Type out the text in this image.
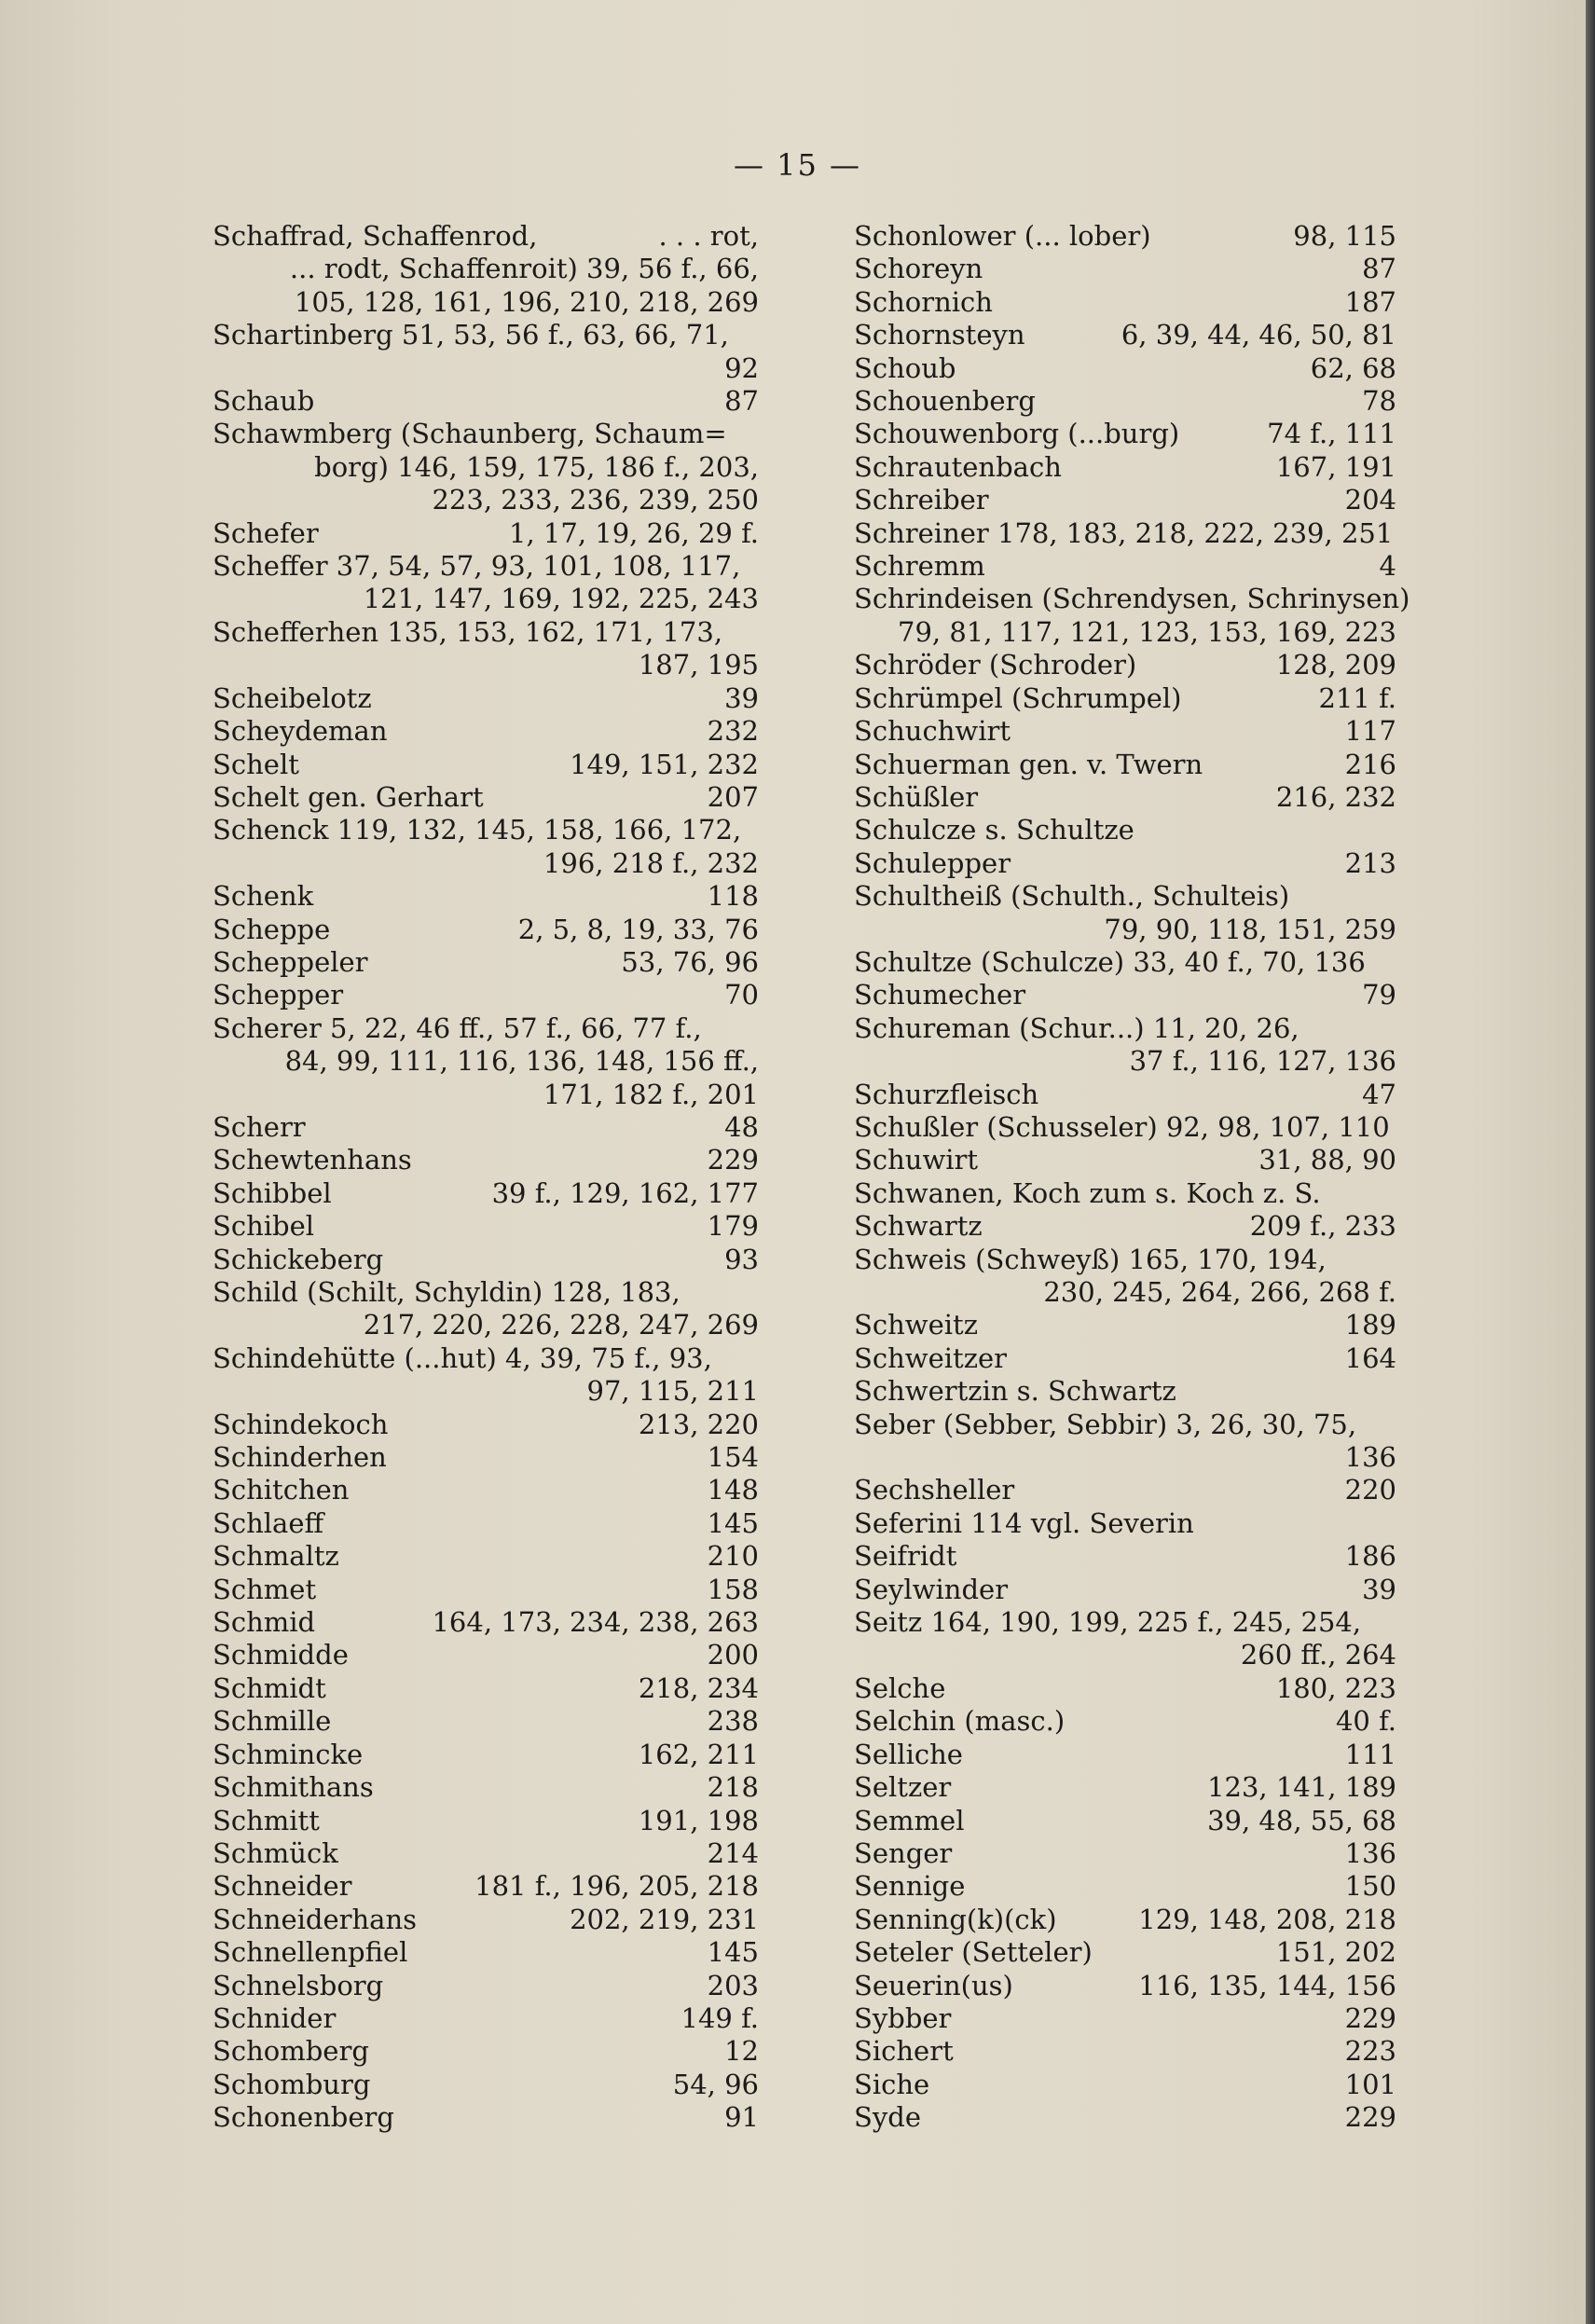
— 15 —
Schaffrad, Schaffenrod,	. . . rot,
... rodt, Schaffenroit) 39, 56 f., 66,
105, 128, 161, 196, 210, 218, 269
Schartinberg 51, 53, 56 f., 63, 66, 71,
92
Schaub	87
Schawmberg (Schaunberg, Schaum=
borg) 146, 159, 175, 186 f., 203,
223, 233, 236, 239, 250
Schefer	1, 17, 19, 26, 29 f.
Scheffer 37, 54, 57, 93, 101, 108, 117,
121, 147, 169, 192, 225, 243
Schefferhen 135, 153, 162, 171, 173,
187, 195
Scheibelotz	39
Scheydeman	232
Schelt	149, 151, 232
Schelt gen. Gerhart	207
Schenck 119, 132, 145, 158, 166, 172,
196, 218 f., 232
Schenk	118
Scheppe	2, 5, 8, 19, 33, 76
Scheppeler	53, 76, 96
Schepper	70
Scherer 5, 22, 46 ff., 57 f., 66, 77 f.,
84, 99, 111, 116, 136, 148, 156 ff.,
171, 182 f., 201
Scherr	48
Schewtenhans	229
Schibbel	39 f., 129, 162, 177
Schibel	179
Schickeberg	93
Schild (Schilt, Schyldin) 128, 183,
217, 220, 226, 228, 247, 269
Schindehütte (...hut) 4, 39, 75 f., 93,
97, 115, 211
Schindekoch	213, 220
Schinderhen	154
Schitchen	148
Schlaeff	145
Schmaltz	210
Schmet	158
Schmid	164, 173, 234, 238, 263
Schmidde	200
Schmidt	218, 234
Schmille	238
Schmincke	162, 211
Schmithans	218
Schmitt	191, 198
Schmück	214
Schneider	181 f., 196, 205, 218
Schneiderhans	202, 219, 231
Schnellenpfiel	145
Schnelsborg	203
Schnider	149 f.
Schomberg	12
Schomburg	54, 96
Schonenberg	91
Schonlower (... lober)	98, 115
Schoreyn	87
Schornich	187
Schornsteyn	6, 39, 44, 46, 50, 81
Schoub	62, 68
Schouenberg	78
Schouwenborg (...burg)	74 f., 111
Schrautenbach	167, 191
Schreiber	204
Schreiner 178, 183, 218, 222, 239, 251
Schremm	4
Schrindeisen (Schrendysen, Schrinysen)
79, 81, 117, 121, 123, 153, 169, 223
Schröder (Schroder)	128, 209
Schrümpel (Schrumpel)	211 f.
Schuchwirt	117
Schuerman gen. v. Twern	216
Schüßler	216, 232
Schulcze s. Schultze
Schulepper	213
Schultheiß (Schulth., Schulteis)
79, 90, 118, 151, 259
Schultze (Schulcze) 33, 40 f., 70, 136
Schumecher	79
Schureman (Schur...) 11, 20, 26,
37 f., 116, 127, 136
Schurzfleisch	47
Schußler (Schusseler) 92, 98, 107, 110
Schuwirt	31, 88, 90
Schwanen, Koch zum s. Koch z. S.
Schwartz	209 f., 233
Schweis (Schweyß) 165, 170, 194,
230, 245, 264, 266, 268 f.
Schweitz	189
Schweitzer	164
Schwertzin s. Schwartz
Seber (Sebber, Sebbir) 3, 26, 30, 75,
136
Sechsheller	220
Seferini 114 vgl. Severin
Seifridt	186
Seylwinder	39
Seitz 164, 190, 199, 225 f., 245, 254,
260 ff., 264
Selche	180, 223
Selchin (masc.)	40 f.
Selliche	111
Seltzer	123, 141, 189
Semmel	39, 48, 55, 68
Senger	136
Sennige	150
Senning(k)(ck)	129, 148, 208, 218
Seteler (Setteler)	151, 202
Seuerin(us)	116, 135, 144, 156
Sybber	229
Sichert	223
Siche	101
Syde	229
